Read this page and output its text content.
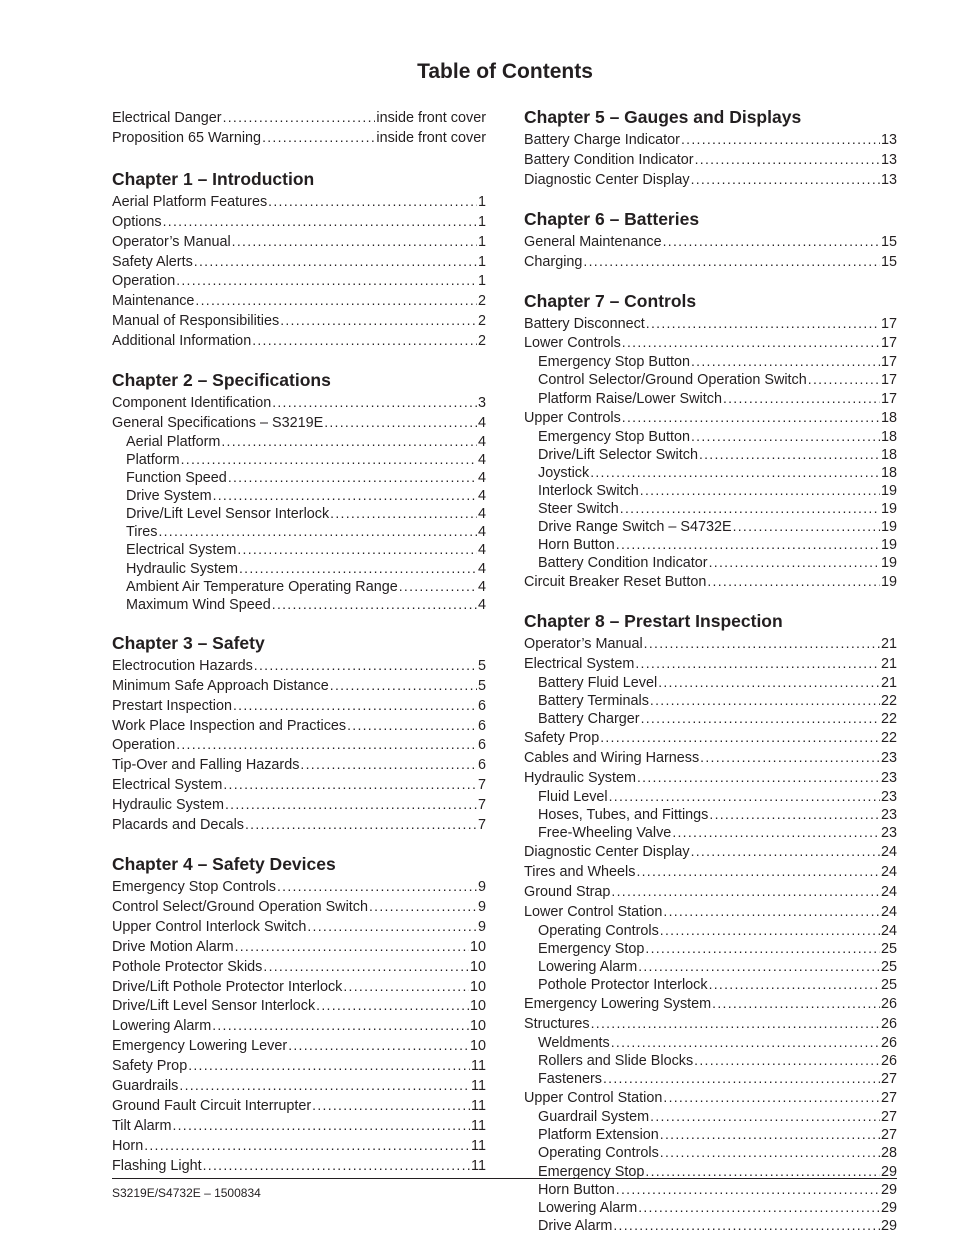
Table of Contents
Electrical Danger . . .	inside front cover
Proposition 65 Warning . . .	inside front cover
Chapter 1 – Introduction
Aerial Platform Features . . .	1
Options . . .	1
Operator’s Manual . . .	1
Safety Alerts . . .	1
Operation . . .	1
Maintenance . . .	2
Manual of Responsibilities . . .	2
Additional Information . . .	2
Chapter 2 – Specifications
Component Identification . . .	3
General Specifications – S3219E . . .	4
Aerial Platform . . .	4
Platform . . .	4
Function Speed . . .	4
Drive System . . .	4
Drive/Lift Level Sensor Interlock . . .	4
Tires . . .	4
Electrical System . . .	4
Hydraulic System . . .	4
Ambient Air Temperature Operating Range . . .	4
Maximum Wind Speed . . .	4
Chapter 3 – Safety
Electrocution Hazards . . .	5
Minimum Safe Approach Distance . . .	5
Prestart Inspection . . .	6
Work Place Inspection and Practices . . .	6
Operation . . .	6
Tip-Over and Falling Hazards . . .	6
Electrical System . . .	7
Hydraulic System . . .	7
Placards and Decals . . .	7
Chapter 4 – Safety Devices
Emergency Stop Controls . . .	9
Control Select/Ground Operation Switch . . .	9
Upper Control Interlock Switch . . .	9
Drive Motion Alarm . . .	10
Pothole Protector Skids . . .	10
Drive/Lift Pothole Protector Interlock . . .	10
Drive/Lift Level Sensor Interlock . . .	10
Lowering Alarm . . .	10
Emergency Lowering Lever . . .	10
Safety Prop . . .	11
Guardrails . . .	11
Ground Fault Circuit Interrupter . . .	11
Tilt Alarm . . .	11
Horn . . .	11
Flashing Light . . .	11
Chapter 5 – Gauges and Displays
Battery Charge Indicator . . .	13
Battery Condition Indicator . . .	13
Diagnostic Center Display . . .	13
Chapter 6 – Batteries
General Maintenance . . .	15
Charging . . .	15
Chapter 7 – Controls
Battery Disconnect . . .	17
Lower Controls . . .	17
Emergency Stop Button . . .	17
Control Selector/Ground Operation Switch . . .	17
Platform Raise/Lower Switch . . .	17
Upper Controls . . .	18
Emergency Stop Button . . .	18
Drive/Lift Selector Switch . . .	18
Joystick . . .	18
Interlock Switch . . .	19
Steer Switch . . .	19
Drive Range Switch – S4732E . . .	19
Horn Button . . .	19
Battery Condition Indicator . . .	19
Circuit Breaker Reset Button . . .	19
Chapter 8 – Prestart Inspection
Operator’s Manual . . .	21
Electrical System . . .	21
Battery Fluid Level . . .	21
Battery Terminals . . .	22
Battery Charger . . .	22
Safety Prop . . .	22
Cables and Wiring Harness . . .	23
Hydraulic System . . .	23
Fluid Level . . .	23
Hoses, Tubes, and Fittings . . .	23
Free-Wheeling Valve . . .	23
Diagnostic Center Display . . .	24
Tires and Wheels . . .	24
Ground Strap . . .	24
Lower Control Station . . .	24
Operating Controls . . .	24
Emergency Stop . . .	25
Lowering Alarm . . .	25
Pothole Protector Interlock . . .	25
Emergency Lowering System . . .	26
Structures . . .	26
Weldments . . .	26
Rollers and Slide Blocks . . .	26
Fasteners . . .	27
Upper Control Station . . .	27
Guardrail System . . .	27
Platform Extension . . .	27
Operating Controls . . .	28
Emergency Stop . . .	29
Horn Button . . .	29
Lowering Alarm . . .	29
Drive Alarm . . .	29
S3219E/S4732E – 1500834
